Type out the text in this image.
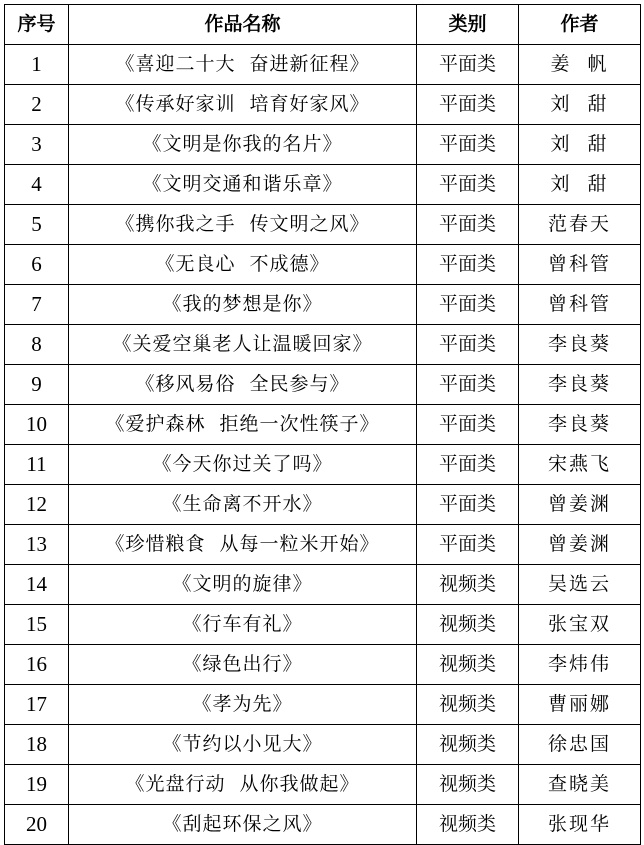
序号	作品名称	类别	作者
1	《喜迎二十大  奋进新征程》	平面类	姜  帆
2	《传承好家训  培育好家风》	平面类	刘  甜
3	《文明是你我的名片》	平面类	刘  甜
4	《文明交通和谐乐章》	平面类	刘  甜
5	《携你我之手  传文明之风》	平面类	范春天
6	《无良心  不成德》	平面类	曾科管
7	《我的梦想是你》	平面类	曾科管
8	《关爱空巢老人让温暖回家》	平面类	李良葵
9	《移风易俗  全民参与》	平面类	李良葵
10	《爱护森林  拒绝一次性筷子》	平面类	李良葵
11	《今天你过关了吗》	平面类	宋燕飞
12	《生命离不开水》	平面类	曾姜渊
13	《珍惜粮食  从每一粒米开始》	平面类	曾姜渊
14	《文明的旋律》	视频类	吴选云
15	《行车有礼》	视频类	张宝双
16	《绿色出行》	视频类	李炜伟
17	《孝为先》	视频类	曹丽娜
18	《节约以小见大》	视频类	徐忠国
19	《光盘行动  从你我做起》	视频类	查晓美
20	《刮起环保之风》	视频类	张现华
